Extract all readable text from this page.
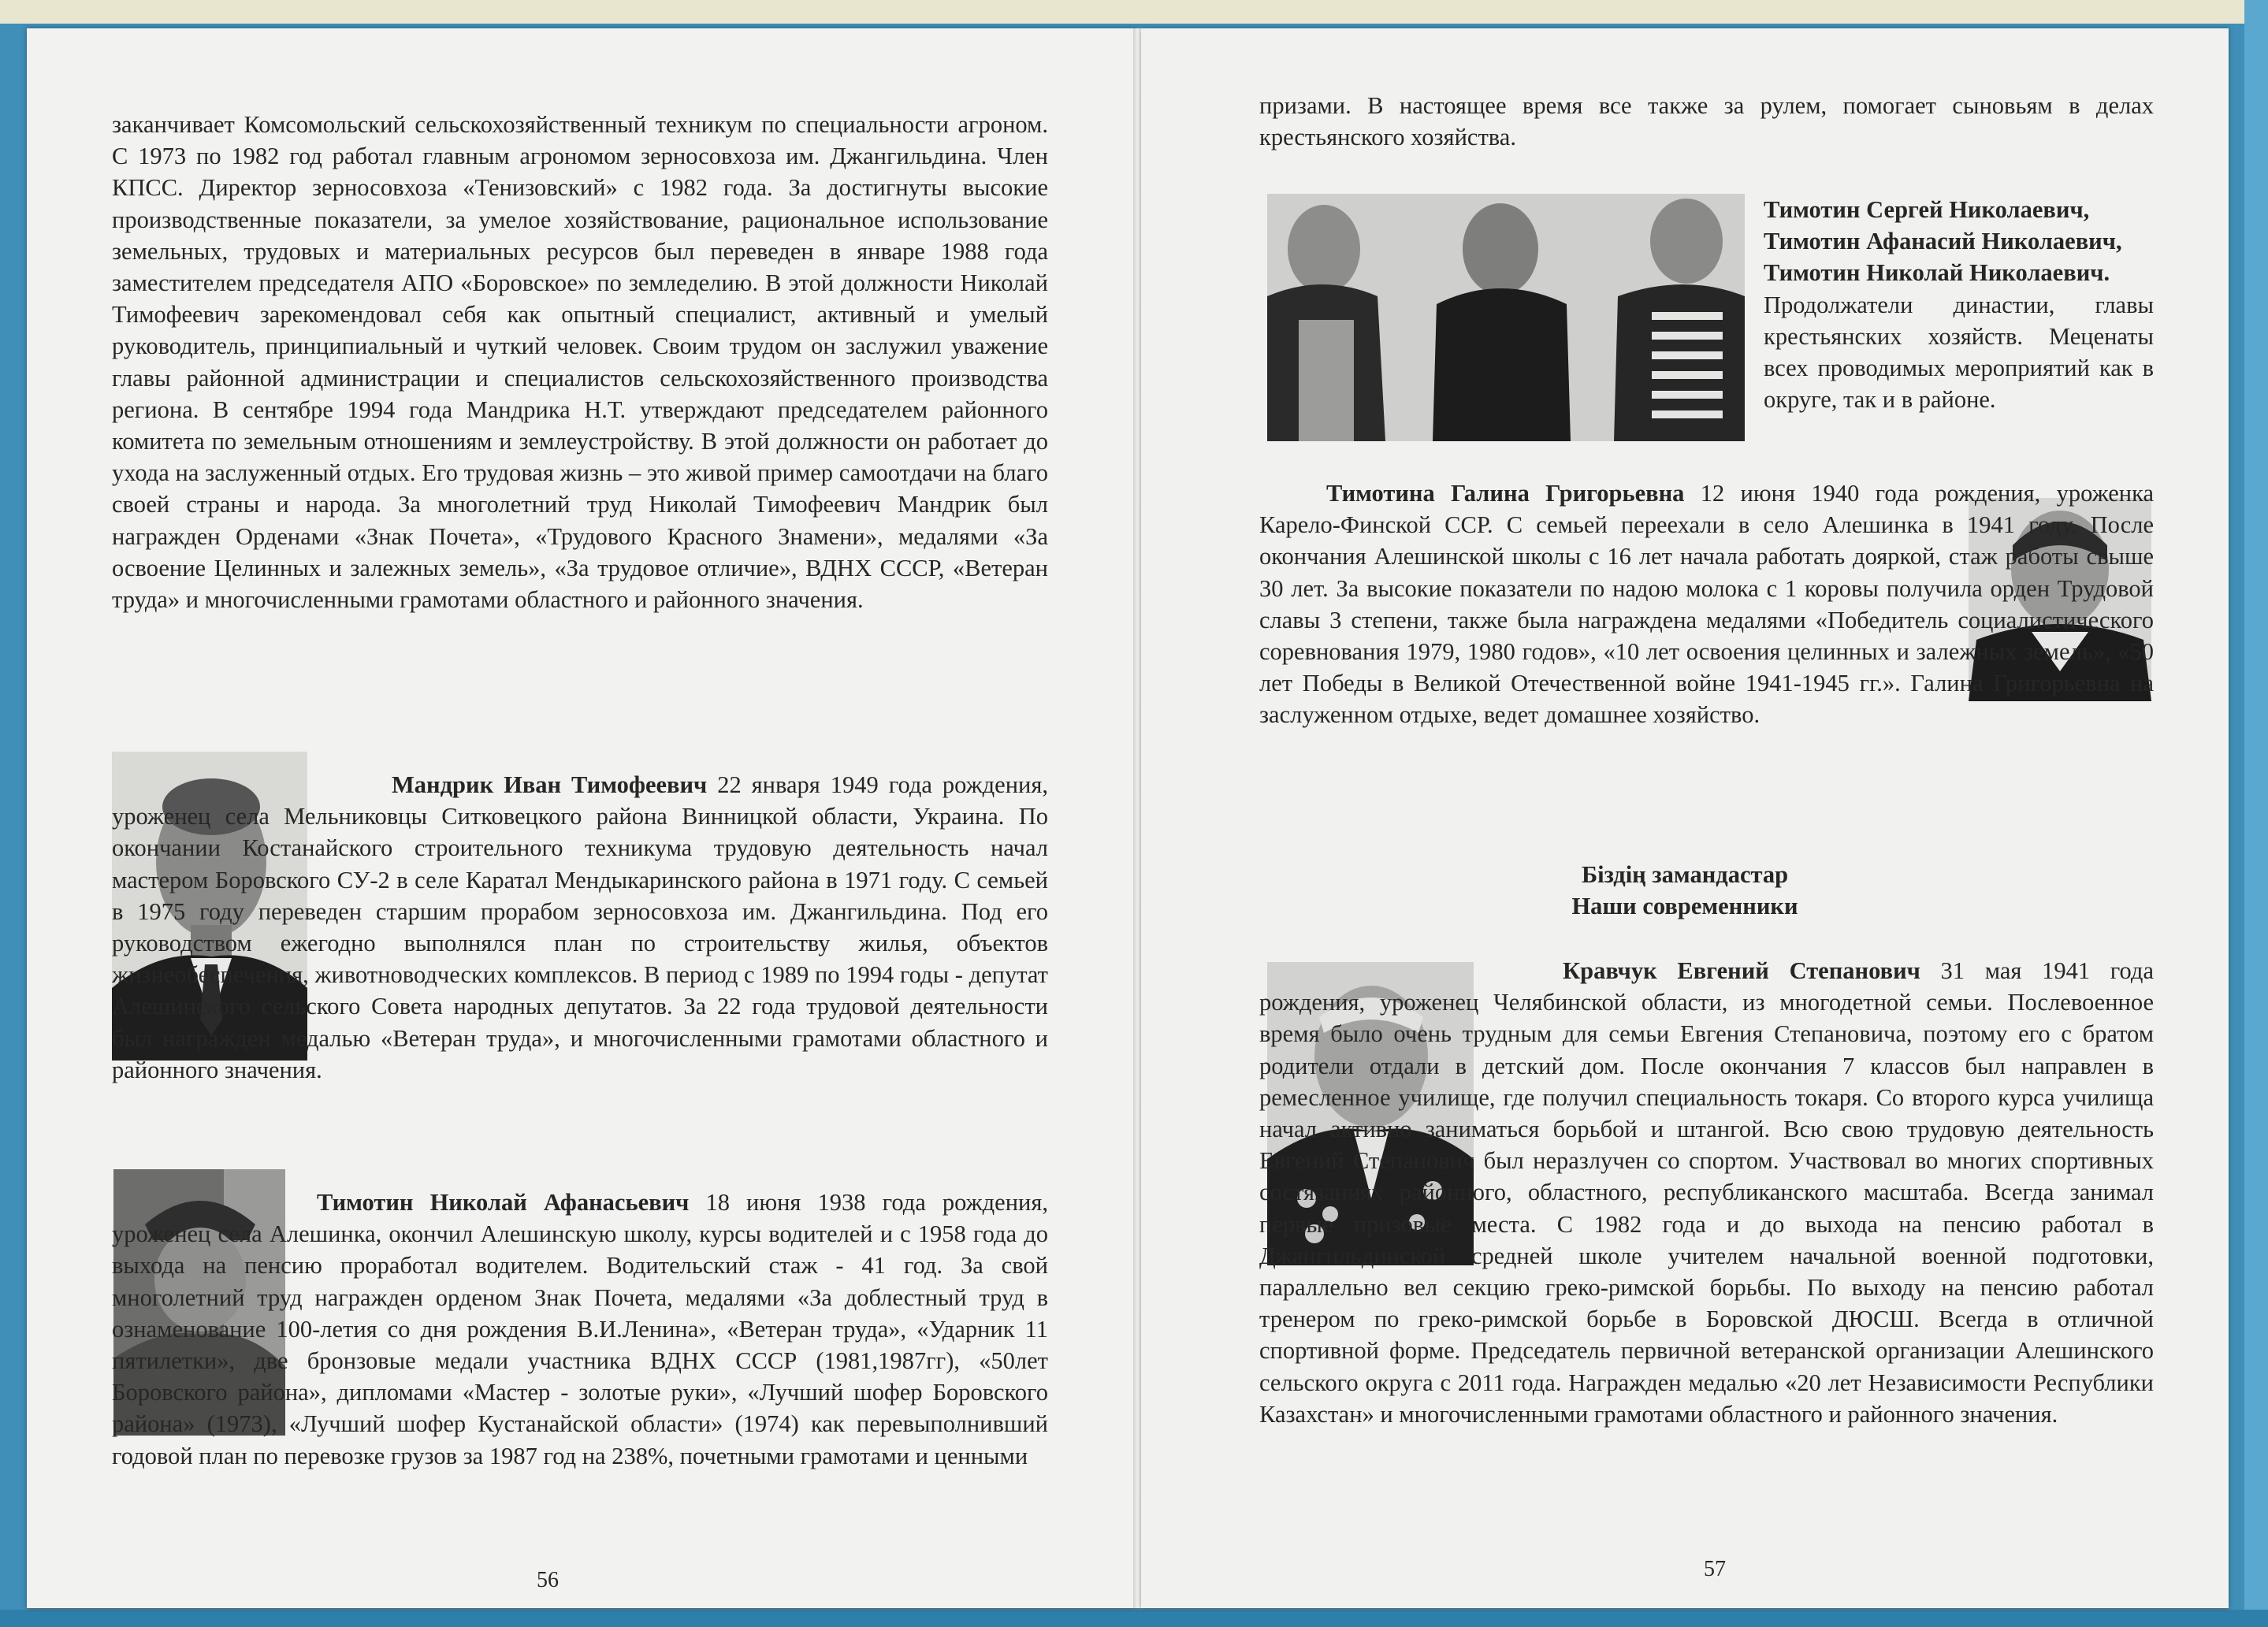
заканчивает Комсомольский сельскохозяйственный техникум по специальности агроном. С 1973 по 1982 год работал главным агрономом зерносовхоза им. Джангильдина. Член КПСС. Директор зерносовхоза «Тенизовский» с 1982 года. За достигнуты высокие производственные показатели, за умелое хозяйствование, рациональное использование земельных, трудовых и материальных ресурсов был переведен в январе 1988 года заместителем председателя АПО «Боровское» по земледелию. В этой должности Николай Тимофеевич зарекомендовал себя как опытный специалист, активный и умелый руководитель, принципиальный и чуткий человек. Своим трудом он заслужил уважение главы районной администрации и специалистов сельскохозяйственного производства региона. В сентябре 1994 года Мандрика Н.Т. утверждают председателем районного комитета по земельным отношениям и землеустройству. В этой должности он работает до ухода на заслуженный отдых. Его трудовая жизнь – это живой пример самоотдачи на благо своей страны и народа. За многолетний труд Николай Тимофеевич Мандрик был награжден Орденами «Знак Почета», «Трудового Красного Знамени», медалями «За освоение Целинных и залежных земель», «За трудовое отличие», ВДНХ СССР, «Ветеран труда» и многочисленными грамотами областного и районного значения.

Мандрик Иван Тимофеевич 22 января 1949 года рождения, уроженец села Мельниковцы Ситковецкого района Винницкой области, Украина. По окончании Костанайского строительного техникума трудовую деятельность начал мастером Боровского СУ-2 в селе Каратал Мендыкаринского района в 1971 году. С семьей в 1975 году переведен старшим прорабом зерносовхоза им. Джангильдина. Под его руководством ежегодно выполнялся план по строительству жилья, объектов жизнеобеспечения, животноводческих комплексов. В период с 1989 по 1994 годы - депутат Алешинского сельского Совета народных депутатов. За 22 года трудовой деятельности был награжден медалью «Ветеран труда», и многочисленными грамотами областного и районного значения.

Тимотин Николай Афанасьевич 18 июня 1938 года рождения, уроженец села Алешинка, окончил Алешинскую школу, курсы водителей и с 1958 года до выхода на пенсию проработал водителем. Водительский стаж - 41 год. За свой многолетний труд награжден орденом Знак Почета, медалями «За доблестный труд в ознаменование 100-летия со дня рождения В.И.Ленина», «Ветеран труда», «Ударник 11 пятилетки», две бронзовые медали участника ВДНХ СССР (1981,1987гг), «50лет Боровского района», дипломами «Мастер - золотые руки», «Лучший шофер Боровского района» (1973), «Лучший шофер Кустанайской области» (1974) как перевыполнивший годовой план по перевозке грузов за 1987 год на 238%, почетными грамотами и ценными

56

призами. В настоящее время все также за рулем, помогает сыновьям в делах крестьянского хозяйства.

Тимотин Сергей Николаевич,

Тимотин Афанасий Николаевич,

Тимотин Николай Николаевич.

Продолжатели династии, главы крестьянских хозяйств. Меценаты всех проводимых мероприятий как в округе, так и в районе.

Тимотина Галина Григорьевна 12 июня 1940 года рождения, уроженка Карело-Финской ССР. С семьей переехали в село Алешинка в 1941 году. После окончания Алешинской школы с 16 лет начала работать дояркой, стаж работы свыше 30 лет. За высокие показатели по надою молока с 1 коровы получила орден Трудовой славы 3 степени, также была награждена медалями «Победитель социалистического соревнования 1979, 1980 годов», «10 лет освоения целинных и залежных земель», «50 лет Победы в Великой Отечественной войне 1941-1945 гг.». Галина Григорьевна на заслуженном отдыхе, ведет домашнее хозяйство.

Біздің замандастар

Наши современники

Кравчук Евгений Степанович 31 мая 1941 года рождения, уроженец Челябинской области, из многодетной семьи. Послевоенное время было очень трудным для семьи Евгения Степановича, поэтому его с братом родители отдали в детский дом. После окончания 7 классов был направлен в ремесленное училище, где получил специальность токаря. Со второго курса училища начал активно заниматься борьбой и штангой. Всю свою трудовую деятельность Евгений Степанович был неразлучен со спортом. Участвовал во многих спортивных состязаниях районного, областного, республиканского масштаба. Всегда занимал первые призовые места. С 1982 года и до выхода на пенсию работал в Джангильдинской средней школе учителем начальной военной подготовки, параллельно вел секцию греко-римской борьбы. По выходу на пенсию работал тренером по греко-римской борьбе в Боровской ДЮСШ. Всегда в отличной спортивной форме. Председатель первичной ветеранской организации Алешинского сельского округа с 2011 года. Награжден медалью «20 лет Независимости Республики Казахстан» и многочисленными грамотами областного и районного значения.

57
